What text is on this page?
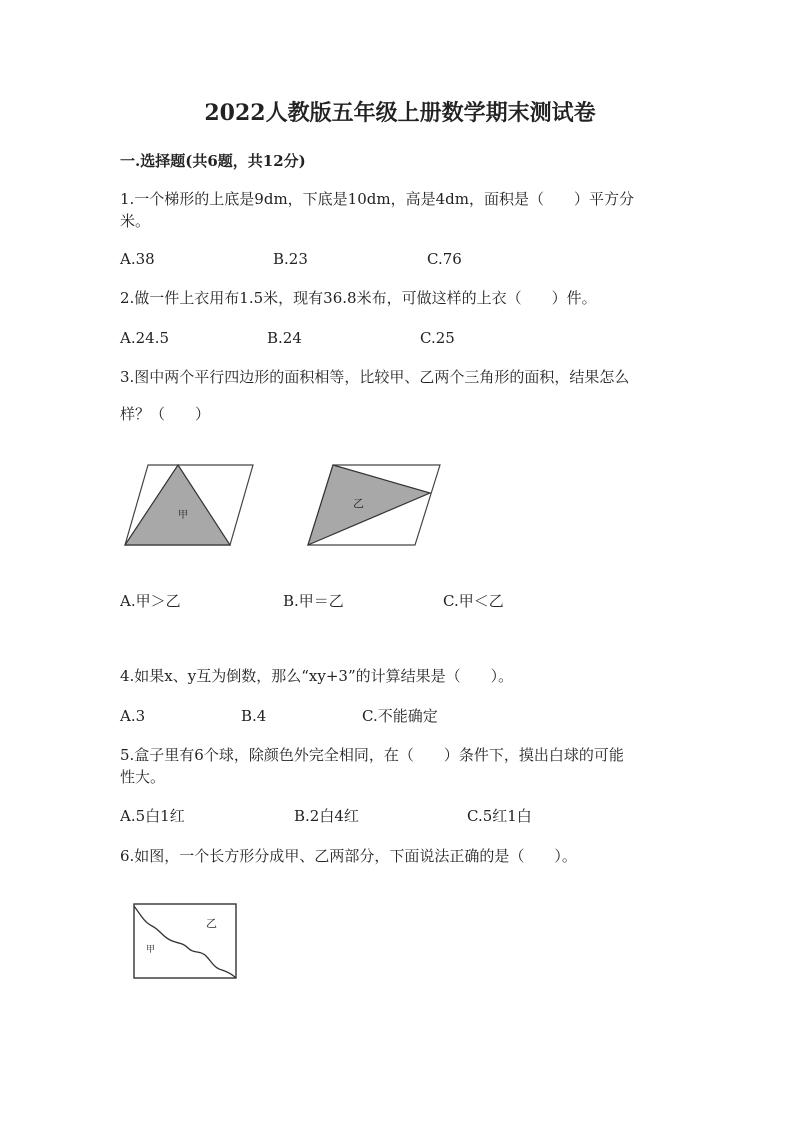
2022人教版五年级上册数学期末测试卷
一.选择题(共6题，共12分)
1.一个梯形的上底是9dm，下底是10dm，高是4dm，面积是（　　）平方分
米。
A.38	B.23	C.76
2.做一件上衣用布1.5米，现有36.8米布，可做这样的上衣（　　）件。
A.24.5	B.24	C.25
3.图中两个平行四边形的面积相等，比较甲、乙两个三角形的面积，结果怎么
样？（　　）
甲
乙
A.甲＞乙	B.甲＝乙	C.甲＜乙
4.如果x、y互为倒数，那么“xy+3”的计算结果是（　　）。
A.3	B.4	C.不能确定
5.盒子里有6个球，除颜色外完全相同，在（　　）条件下，摸出白球的可能
性大。
A.5白1红	B.2白4红	C.5红1白
6.如图，一个长方形分成甲、乙两部分，下面说法正确的是（　　）。
乙
甲
